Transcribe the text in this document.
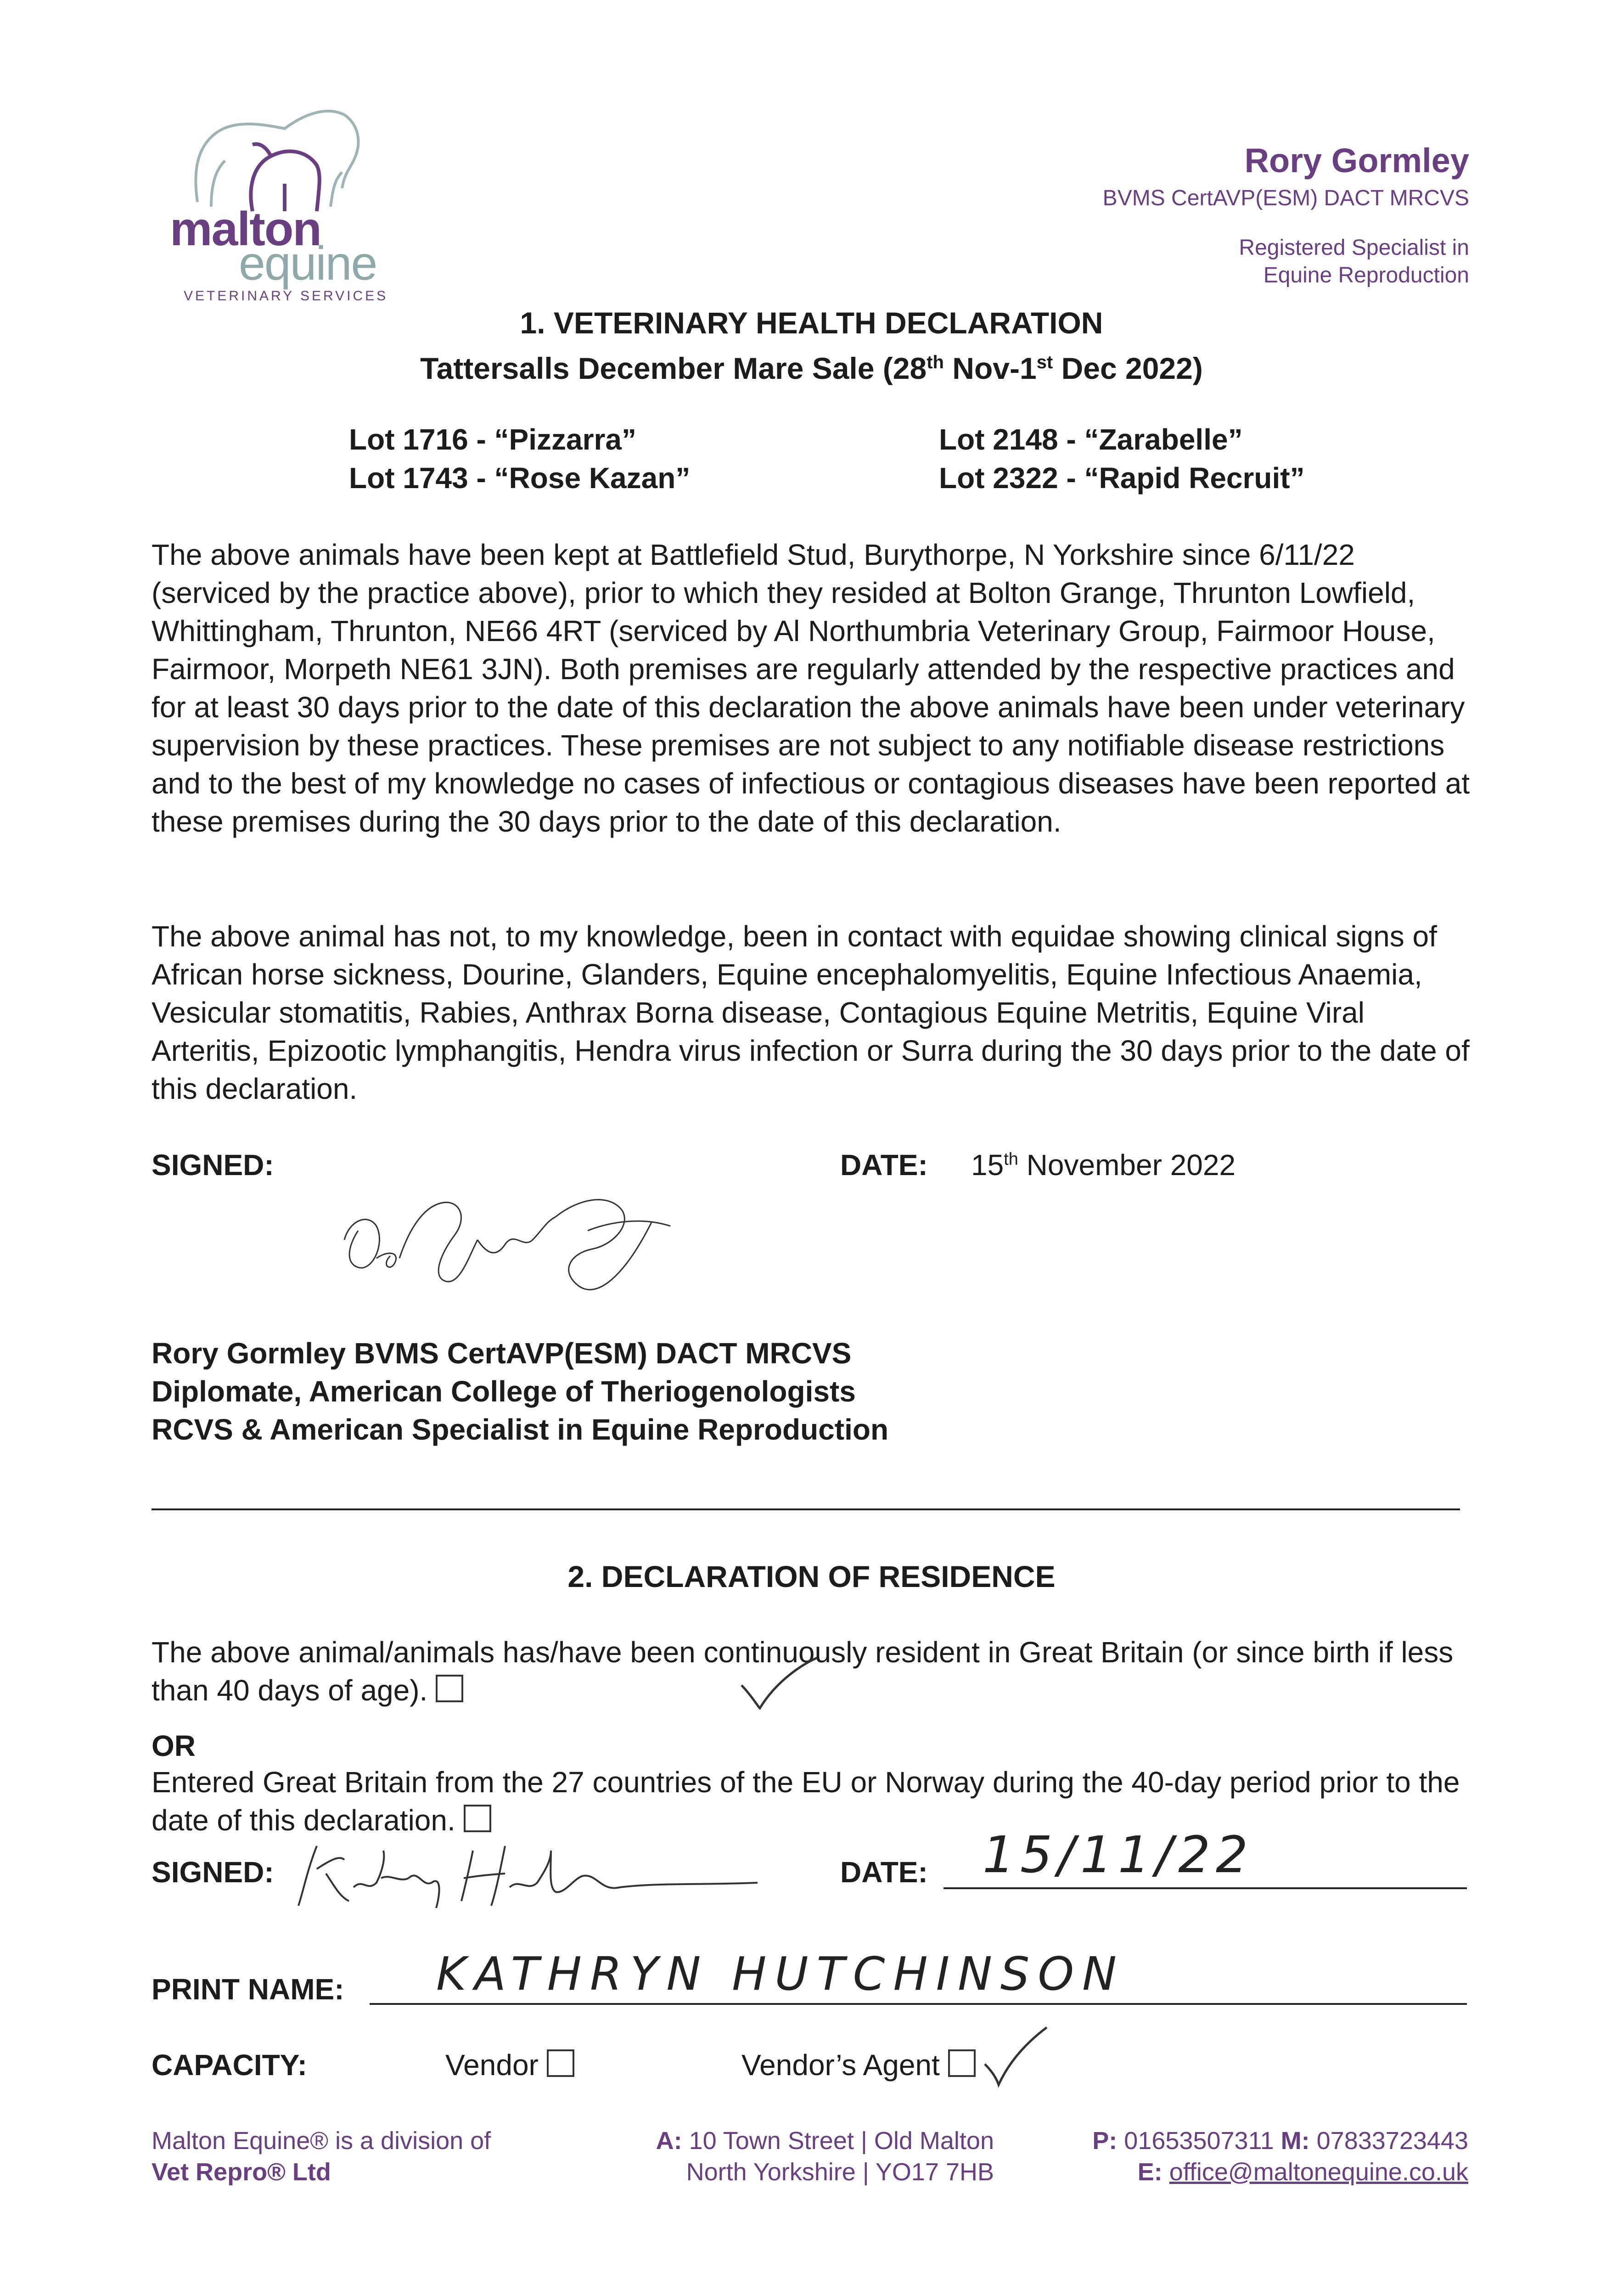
malton
equine
VETERINARY SERVICES
Rory Gormley
BVMS CertAVP(ESM) DACT MRCVS
Registered Specialist in
Equine Reproduction
1. VETERINARY HEALTH DECLARATION
Tattersalls December Mare Sale (28th Nov-1st Dec 2022)
Lot 1716 - “Pizzarra”
Lot 1743 - “Rose Kazan”
Lot 2148 - “Zarabelle”
Lot 2322 - “Rapid Recruit”
The above animals have been kept at Battlefield Stud, Burythorpe, N Yorkshire since 6/11/22 (serviced by the practice above), prior to which they resided at Bolton Grange, Thrunton Lowfield, Whittingham, Thrunton, NE66 4RT (serviced by Al Northumbria Veterinary Group, Fairmoor House, Fairmoor, Morpeth NE61 3JN). Both premises are regularly attended by the respective practices and for at least 30 days prior to the date of this declaration the above animals have been under veterinary supervision by these practices. These premises are not subject to any notifiable disease restrictions and to the best of my knowledge no cases of infectious or contagious diseases have been reported at these premises during the 30 days prior to the date of this declaration.
The above animal has not, to my knowledge, been in contact with equidae showing clinical signs of African horse sickness, Dourine, Glanders, Equine encephalomyelitis, Equine Infectious Anaemia, Vesicular stomatitis, Rabies, Anthrax Borna disease, Contagious Equine Metritis, Equine Viral Arteritis, Epizootic lymphangitis, Hendra virus infection or Surra during the 30 days prior to the date of this declaration.
SIGNED:	DATE: 15th November 2022
Rory Gormley BVMS CertAVP(ESM) DACT MRCVS
Diplomate, American College of Theriogenologists
RCVS & American Specialist in Equine Reproduction
2. DECLARATION OF RESIDENCE
The above animal/animals has/have been continuously resident in Great Britain (or since birth if less than 40 days of age).
OR
Entered Great Britain from the 27 countries of the EU or Norway during the 40-day period prior to the date of this declaration.
SIGNED:	DATE: 15/11/22
PRINT NAME: KATHRYN HUTCHINSON
CAPACITY:	Vendor	Vendor’s Agent
Malton Equine® is a division of
Vet Repro® Ltd
A: 10 Town Street | Old Malton
North Yorkshire | YO17 7HB
P: 01653507311 M: 07833723443
E: office@maltonequine.co.uk
